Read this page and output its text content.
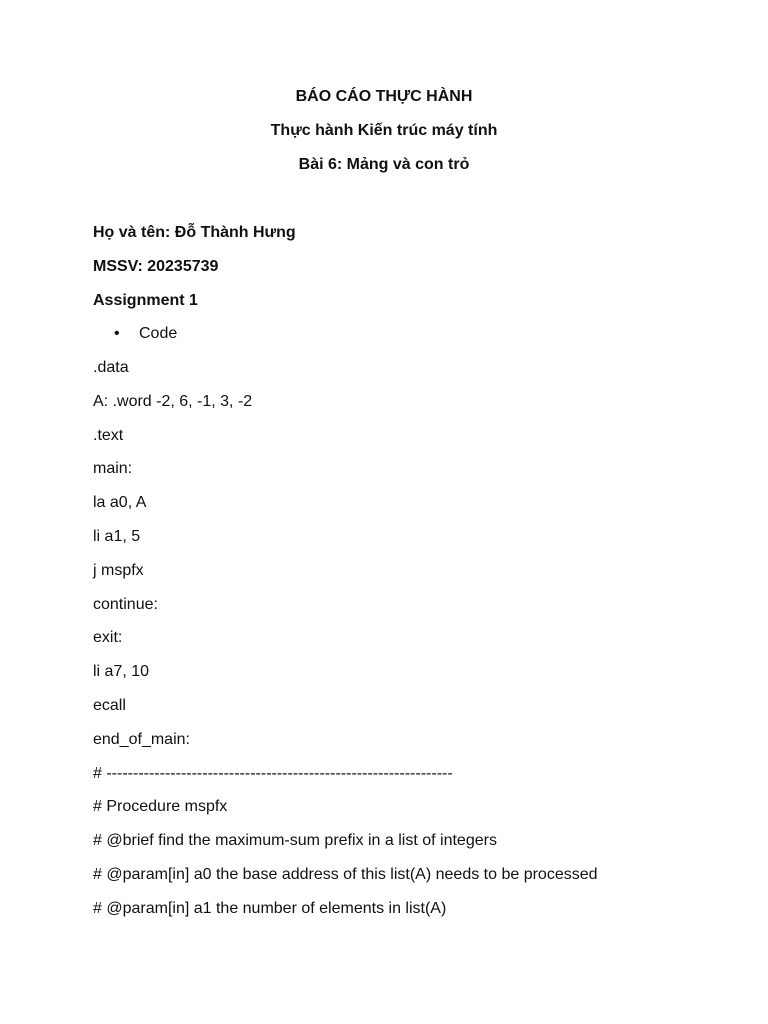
BÁO CÁO THỰC HÀNH
Thực hành Kiến trúc máy tính
Bài 6: Mảng và con trỏ
Họ và tên: Đỗ Thành Hưng
MSSV: 20235739
Assignment 1
• Code
.data
A: .word -2, 6, -1, 3, -2
.text
main:
la a0, A
li a1, 5
j mspfx
continue:
exit:
li a7, 10
ecall
end_of_main:
# -----------------------------------------------------------------
# Procedure mspfx
# @brief find the maximum-sum prefix in a list of integers
# @param[in] a0 the base address of this list(A) needs to be processed
# @param[in] a1 the number of elements in list(A)
